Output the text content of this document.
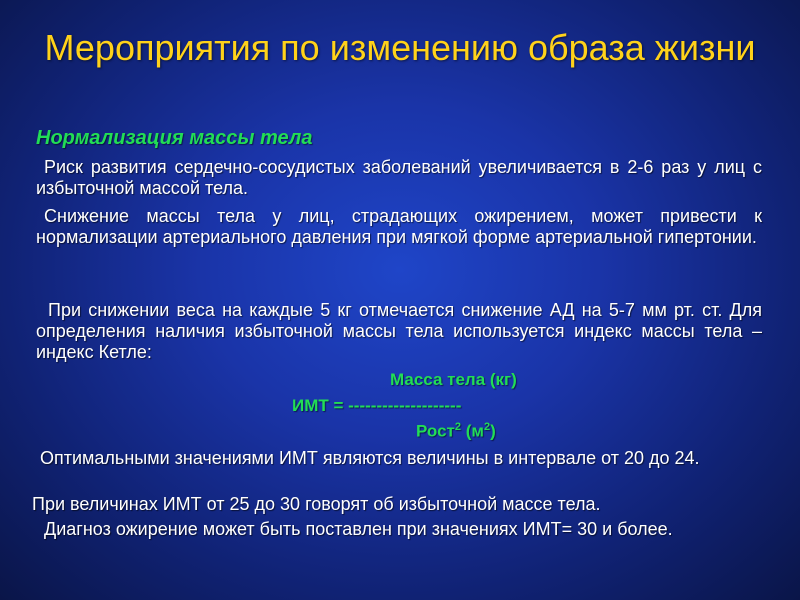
Мероприятия по изменению образа жизни
Нормализация массы тела
Риск развития сердечно-сосудистых заболеваний увеличивается в 2-6 раз у лиц с избыточной массой тела.
Снижение массы тела у лиц, страдающих ожирением, может привести к нормализации артериального давления при мягкой форме артериальной гипертонии.
При снижении веса на каждые 5 кг отмечается снижение АД на 5-7 мм рт. ст. Для определения наличия избыточной массы тела используется индекс массы тела – индекс Кетле:
Масса тела (кг)
ИМТ = --------------------
Рост$^2$ $(м^2)$
Оптимальными значениями ИМТ являются величины в интервале от 20 до 24.
При величинах ИМТ от 25 до 30 говорят об избыточной массе тела.
Диагноз ожирение может быть поставлен при значениях ИМТ= 30 и более.
